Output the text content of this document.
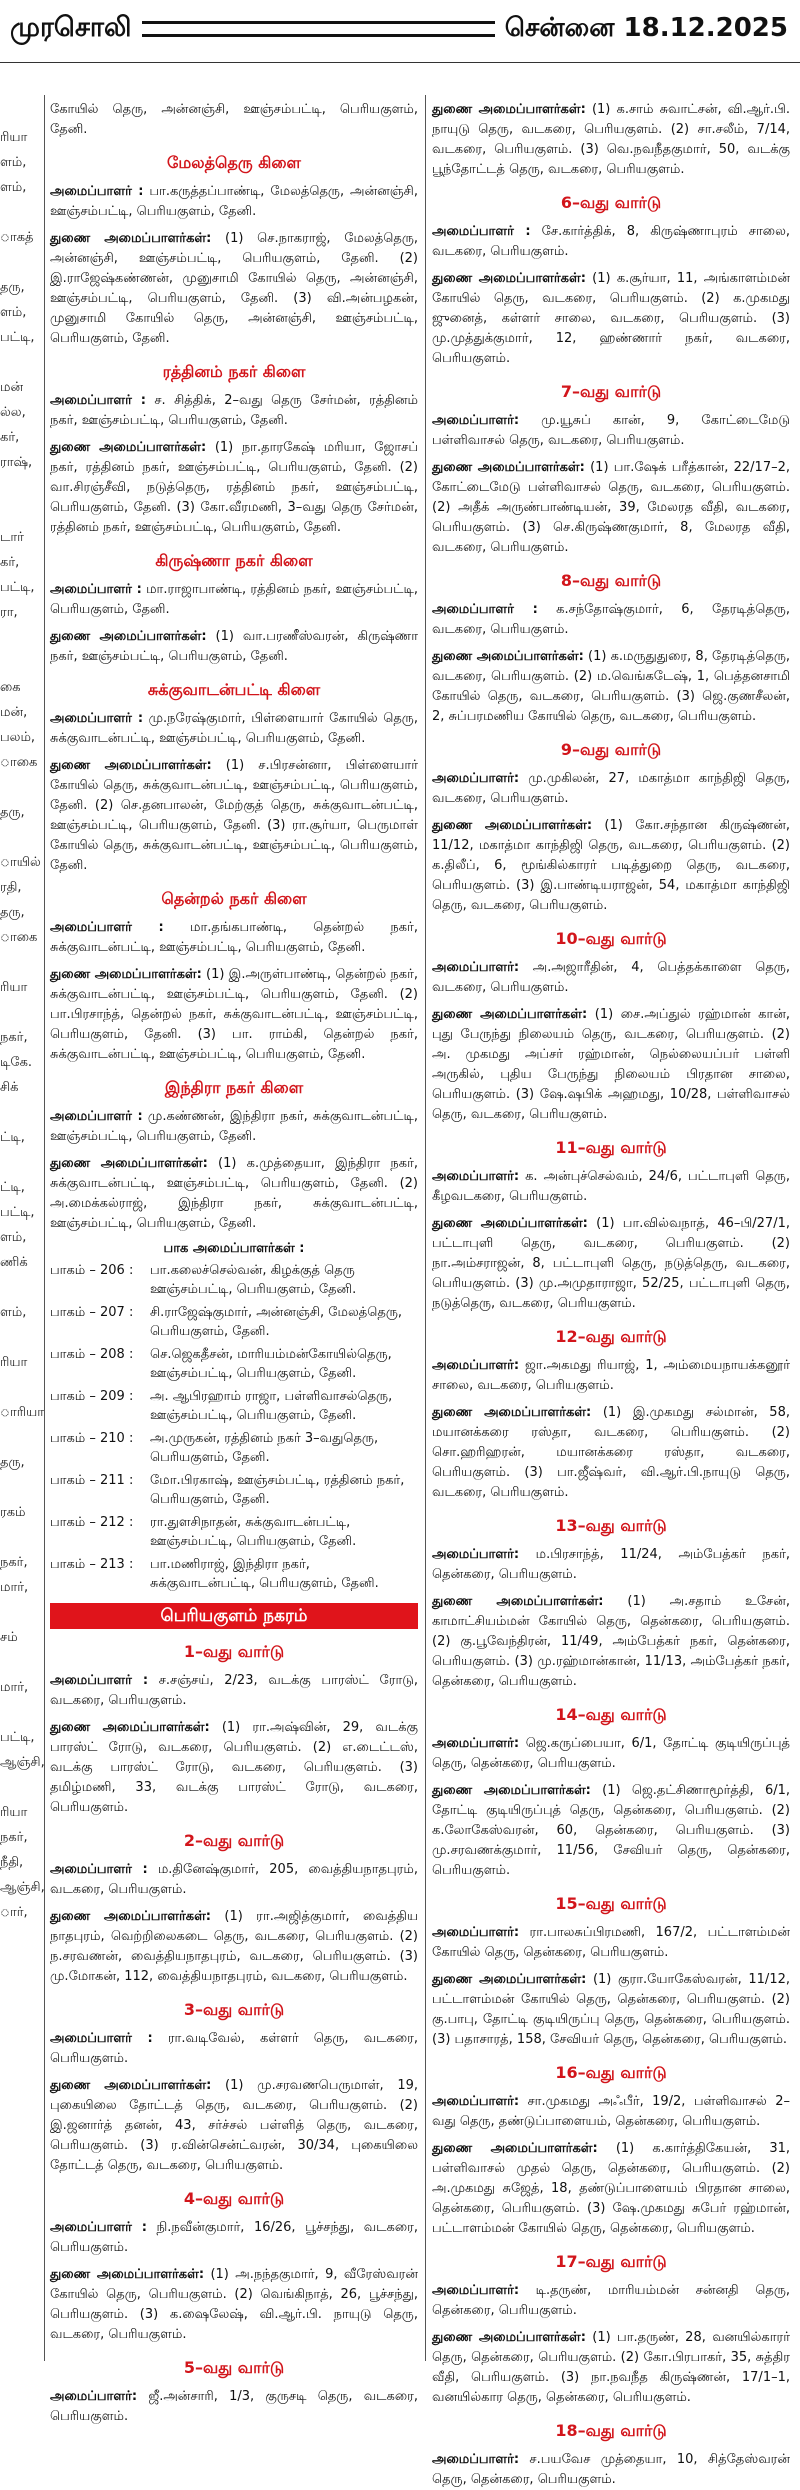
முரசொலி	சென்னை 18.12.2025

ரியா
ளம்,
ளம்,

ாகத்

தரு,
ளம்,
பட்டி,

மன்
ல்ல,
கர்,
ராஷ்,

டார்
கர்,
பட்டி,
ரா,

கை
மன்,
பலம்,
ாகை

தரு,

ாயில்
ரதி,
தரு,
ாகை

ரியா

நகர்,
டிகே.
சிக்

ட்டி,

ட்டி,
பட்டி,
ளம்,
ணிக்

ளம்,

ரியா

ாரியா

தரு,

ரகம்

நகர்,
மார்,

சம்

மார்,

பட்டி,
ஆஞ்சி,

ரியா
நகர்,
நீதி,
ஆஞ்சி,
ார்,

கோயில் தெரு, அன்னஞ்சி, ஊஞ்சம்பட்டி, பெரியகுளம், தேனி.

மேலத்தெரு கிளை

அமைப்பாளர் : பா.கருத்தப்பாண்டி, மேலத்தெரு, அன்னஞ்சி, ஊஞ்சம்பட்டி, பெரியகுளம், தேனி.

துணை அமைப்பாளர்கள்: (1) செ.நாகராஜ், மேலத்தெரு, அன்னஞ்சி, ஊஞ்சம்பட்டி, பெரியகுளம், தேனி. (2) இ.ராஜேஷ்கண்ணன், முனுசாமி கோயில் தெரு, அன்னஞ்சி, ஊஞ்சம்பட்டி, பெரியகுளம், தேனி. (3) வி.அன்பழகன், முனுசாமி கோயில் தெரு, அன்னஞ்சி, ஊஞ்சம்பட்டி, பெரியகுளம், தேனி.

ரத்தினம் நகர் கிளை

அமைப்பாளர் : ச. சித்திக், 2–வது தெரு சேர்மன், ரத்தினம் நகர், ஊஞ்சம்பட்டி, பெரியகுளம், தேனி.

துணை அமைப்பாளர்கள்: (1) நா.தாரகேஷ் மரியா, ஜோசப் நகர், ரத்தினம் நகர், ஊஞ்சம்பட்டி, பெரியகுளம், தேனி. (2) வா.சிரஞ்சீவி, நடுத்தெரு, ரத்தினம் நகர், ஊஞ்சம்பட்டி, பெரியகுளம், தேனி. (3) கோ.வீரமணி, 3–வது தெரு சேர்மன், ரத்தினம் நகர், ஊஞ்சம்பட்டி, பெரியகுளம், தேனி.

கிருஷ்ணா நகர் கிளை

அமைப்பாளர் : மா.ராஜாபாண்டி, ரத்தினம் நகர், ஊஞ்சம்பட்டி, பெரியகுளம், தேனி.

துணை அமைப்பாளர்கள்: (1) வா.பரணீஸ்வரன், கிருஷ்ணா நகர், ஊஞ்சம்பட்டி, பெரியகுளம், தேனி.

சுக்குவாடன்பட்டி கிளை

அமைப்பாளர் : மு.நரேஷ்குமார், பிள்ளையார் கோயில் தெரு, சுக்குவாடன்பட்டி, ஊஞ்சம்பட்டி, பெரியகுளம், தேனி.

துணை அமைப்பாளர்கள்: (1) ச.பிரசன்னா, பிள்ளையார் கோயில் தெரு, சுக்குவாடன்பட்டி, ஊஞ்சம்பட்டி, பெரியகுளம், தேனி. (2) செ.தனபாலன், மேற்குத் தெரு, சுக்குவாடன்பட்டி, ஊஞ்சம்பட்டி, பெரியகுளம், தேனி. (3) ரா.சூர்யா, பெருமாள் கோயில் தெரு, சுக்குவாடன்பட்டி, ஊஞ்சம்பட்டி, பெரியகுளம், தேனி.

தென்றல் நகர் கிளை

அமைப்பாளர் : மா.தங்கபாண்டி, தென்றல் நகர், சுக்குவாடன்பட்டி, ஊஞ்சம்பட்டி, பெரியகுளம், தேனி.

துணை அமைப்பாளர்கள்: (1) இ.அருள்பாண்டி, தென்றல் நகர், சுக்குவாடன்பட்டி, ஊஞ்சம்பட்டி, பெரியகுளம், தேனி. (2) பா.பிரசாந்த், தென்றல் நகர், சுக்குவாடன்பட்டி, ஊஞ்சம்பட்டி, பெரியகுளம், தேனி. (3) பா. ராம்கி, தென்றல் நகர், சுக்குவாடன்பட்டி, ஊஞ்சம்பட்டி, பெரியகுளம், தேனி.

இந்திரா நகர் கிளை

அமைப்பாளர் : மு.கண்ணன், இந்திரா நகர், சுக்குவாடன்பட்டி, ஊஞ்சம்பட்டி, பெரியகுளம், தேனி.

துணை அமைப்பாளர்கள்: (1) க.முத்தையா, இந்திரா நகர், சுக்குவாடன்பட்டி, ஊஞ்சம்பட்டி, பெரியகுளம், தேனி. (2) அ.மைக்கல்ராஜ், இந்திரா நகர், சுக்குவாடன்பட்டி, ஊஞ்சம்பட்டி, பெரியகுளம், தேனி.

பாக அமைப்பாளர்கள் :
பாகம் – 206 :	பா.கலைச்செல்வன், கிழக்குத் தெரு ஊஞ்சம்பட்டி, பெரியகுளம், தேனி.
பாகம் – 207 :	சி.ராஜேஷ்குமார், அன்னஞ்சி, மேலத்தெரு, பெரியகுளம், தேனி.
பாகம் – 208 :	செ.ஜெகதீசன், மாரியம்மன்கோயில்தெரு, ஊஞ்சம்பட்டி, பெரியகுளம், தேனி.
பாகம் – 209 :	அ. ஆபிரஹாம் ராஜா, பள்ளிவாசல்தெரு, ஊஞ்சம்பட்டி, பெரியகுளம், தேனி.
பாகம் – 210 :	அ.முருகன், ரத்தினம் நகர் 3–வதுதெரு, பெரியகுளம், தேனி.
பாகம் – 211 :	மோ.பிரகாஷ், ஊஞ்சம்பட்டி, ரத்தினம் நகர், பெரியகுளம், தேனி.
பாகம் – 212 :	ரா.துளசிநாதன், சுக்குவாடன்பட்டி, ஊஞ்சம்பட்டி, பெரியகுளம், தேனி.
பாகம் – 213 :	பா.மணிராஜ், இந்திரா நகர், சுக்குவாடன்பட்டி, பெரியகுளம், தேனி.
பெரியகுளம் நகரம்
1–வது வார்டு

அமைப்பாளர் : ச.சஞ்சய், 2/23, வடக்கு பாரஸ்ட் ரோடு, வடகரை, பெரியகுளம்.

துணை அமைப்பாளர்கள்: (1) ரா.அஷ்வின், 29, வடக்கு பாரஸ்ட் ரோடு, வடகரை, பெரியகுளம். (2) எ.டைட்டஸ், வடக்கு பாரஸ்ட் ரோடு, வடகரை, பெரியகுளம். (3) தமிழ்மணி, 33, வடக்கு பாரஸ்ட் ரோடு, வடகரை, பெரியகுளம்.

2–வது வார்டு

அமைப்பாளர் : ம.தினேஷ்குமார், 205, வைத்தியநாதபுரம், வடகரை, பெரியகுளம்.

துணை அமைப்பாளர்கள்: (1) ரா.அஜித்குமார், வைத்திய நாதபுரம், வெற்றிலைகடை தெரு, வடகரை, பெரியகுளம். (2) ந.சரவணன், வைத்தியநாதபுரம், வடகரை, பெரியகுளம். (3) மு.மோகன், 112, வைத்தியநாதபுரம், வடகரை, பெரியகுளம்.

3–வது வார்டு

அமைப்பாளர் : ரா.வடிவேல், கள்ளர் தெரு, வடகரை, பெரியகுளம்.

துணை அமைப்பாளர்கள்: (1) மு.சரவணபெருமாள், 19, புகையிலை தோட்டத் தெரு, வடகரை, பெரியகுளம். (2) இ.ஜனார்த் தனன், 43, சர்ச்சல் பள்ளித் தெரு, வடகரை, பெரியகுளம். (3) ர.வின்சென்ட்வரன், 30/34, புகையிலை தோட்டத் தெரு, வடகரை, பெரியகுளம்.

4–வது வார்டு

அமைப்பாளர் : நி.நவீன்குமார், 16/26, பூச்சந்து, வடகரை, பெரியகுளம்.

துணை அமைப்பாளர்கள்: (1) அ.நந்தகுமார், 9, வீரேஸ்வரன் கோயில் தெரு, பெரியகுளம். (2) வெங்கிநாத், 26, பூச்சந்து, பெரியகுளம். (3) க.ஷைலேஷ், வி.ஆர்.பி. நாயுடு தெரு, வடகரை, பெரியகுளம்.

5–வது வார்டு

அமைப்பாளர்: ஜீ.அன்சாரி, 1/3, குருசடி தெரு, வடகரை, பெரியகுளம்.

துணை அமைப்பாளர்கள்: (1) க.சாம் சுவாட்சன், வி.ஆர்.பி. நாயுடு தெரு, வடகரை, பெரியகுளம். (2) சா.சலீம், 7/14, வடகரை, பெரியகுளம். (3) வெ.நவநீதகுமார், 50, வடக்கு பூந்தோட்டத் தெரு, வடகரை, பெரியகுளம்.

6–வது வார்டு

அமைப்பாளர் : சே.கார்த்திக், 8, கிருஷ்ணாபுரம் சாலை, வடகரை, பெரியகுளம்.

துணை அமைப்பாளர்கள்: (1) க.சூர்யா, 11, அங்காளம்மன் கோயில் தெரு, வடகரை, பெரியகுளம். (2) க.முகமது ஜுனைத், கள்ளர் சாலை, வடகரை, பெரியகுளம். (3) மு.முத்துக்குமார், 12, ஹண்ணார் நகர், வடகரை, பெரியகுளம்.

7–வது வார்டு

அமைப்பாளர்: மு.யூசுப் கான், 9, கோட்டைமேடு பள்ளிவாசல் தெரு, வடகரை, பெரியகுளம்.

துணை அமைப்பாளர்கள்: (1) பா.ஷேக் பரீத்கான், 22/17–2, கோட்டைமேடு பள்ளிவாசல் தெரு, வடகரை, பெரியகுளம். (2) அதீக் அருண்பாண்டியன், 39, மேலரத வீதி, வடகரை, பெரியகுளம். (3) செ.கிருஷ்ணகுமார், 8, மேலரத வீதி, வடகரை, பெரியகுளம்.

8–வது வார்டு

அமைப்பாளர் : க.சந்தோஷ்குமார், 6, தேரடித்தெரு, வடகரை, பெரியகுளம்.

துணை அமைப்பாளர்கள்: (1) க.மருதுதுரை, 8, தேரடித்தெரு, வடகரை, பெரியகுளம். (2) ம.வெங்கடேஷ், 1, பெத்தனசாமி கோயில் தெரு, வடகரை, பெரியகுளம். (3) ஜெ.குணசீலன், 2, சுப்பரமணிய கோயில் தெரு, வடகரை, பெரியகுளம்.

9–வது வார்டு

அமைப்பாளர்: மு.முகிலன், 27, மகாத்மா காந்திஜி தெரு, வடகரை, பெரியகுளம்.

துணை அமைப்பாளர்கள்: (1) கோ.சந்தான கிருஷ்ணன், 11/12, மகாத்மா காந்திஜி தெரு, வடகரை, பெரியகுளம். (2) க.திலீப், 6, மூங்கில்காரர் படித்துறை தெரு, வடகரை, பெரியகுளம். (3) இ.பாண்டியராஜன், 54, மகாத்மா காந்திஜி தெரு, வடகரை, பெரியகுளம்.

10–வது வார்டு

அமைப்பாளர்: அ.அஜாரீதின், 4, பெத்தக்காளை தெரு, வடகரை, பெரியகுளம்.

துணை அமைப்பாளர்கள்: (1) சை.அப்துல் ரஹ்மான் கான், புது பேருந்து நிலையம் தெரு, வடகரை, பெரியகுளம். (2) அ. முகமது அப்சர் ரஹ்மான், நெல்லையப்பர் பள்ளி அருகில், புதிய பேருந்து நிலையம் பிரதான சாலை, பெரியகுளம். (3) ஷே.ஷபிக் அஹமது, 10/28, பள்ளிவாசல் தெரு, வடகரை, பெரியகுளம்.

11–வது வார்டு

அமைப்பாளர்: க. அன்புச்செல்வம், 24/6, பட்டாபுளி தெரு, கீழவடகரை, பெரியகுளம்.

துணை அமைப்பாளர்கள்: (1) பா.வில்வநாத், 46–பி/27/1, பட்டாபுளி தெரு, வடகரை, பெரியகுளம். (2) நா.அம்சராஜன், 8, பட்டாபுளி தெரு, நடுத்தெரு, வடகரை, பெரியகுளம். (3) மு.அமுதாராஜா, 52/25, பட்டாபுளி தெரு, நடுத்தெரு, வடகரை, பெரியகுளம்.

12–வது வார்டு

அமைப்பாளர்: ஜா.அகமது ரியாஜ், 1, அம்மையநாயக்கனூர் சாலை, வடகரை, பெரியகுளம்.

துணை அமைப்பாளர்கள்: (1) இ.முகமது சல்மான், 58, மயானக்கரை ரஸ்தா, வடகரை, பெரியகுளம். (2) சொ.ஹரிஹரன், மயானக்கரை ரஸ்தா, வடகரை, பெரியகுளம். (3) பா.ஜீஷ்வர், வி.ஆர்.பி.நாயுடு தெரு, வடகரை, பெரியகுளம்.

13–வது வார்டு

அமைப்பாளர்: ம.பிரசாந்த், 11/24, அம்பேத்கர் நகர், தென்கரை, பெரியகுளம்.

துணை அமைப்பாளர்கள்: (1) அ.சதாம் உசேன், காமாட்சியம்மன் கோயில் தெரு, தென்கரை, பெரியகுளம். (2) கு.பூவேந்திரன், 11/49, அம்பேத்கர் நகர், தென்கரை, பெரியகுளம். (3) மு.ரஹ்மான்கான், 11/13, அம்பேத்கர் நகர், தென்கரை, பெரியகுளம்.

14–வது வார்டு

அமைப்பாளர்: ஜெ.கருப்பையா, 6/1, தோட்டி குடியிருப்புத் தெரு, தென்கரை, பெரியகுளம்.

துணை அமைப்பாளர்கள்: (1) ஜெ.தட்சிணாமூர்த்தி, 6/1, தோட்டி குடியிருப்புத் தெரு, தென்கரை, பெரியகுளம். (2) க.லோகேஸ்வரன், 60, தென்கரை, பெரியகுளம். (3) மு.சரவணக்குமார், 11/56, சேவியர் தெரு, தென்கரை, பெரியகுளம்.

15–வது வார்டு

அமைப்பாளர்: ரா.பாலசுப்பிரமணி, 167/2, பட்டாளம்மன் கோயில் தெரு, தென்கரை, பெரியகுளம்.

துணை அமைப்பாளர்கள்: (1) குரா.யோகேஸ்வரன், 11/12, பட்டாளம்மன் கோயில் தெரு, தென்கரை, பெரியகுளம். (2) கு.பாபு, தோட்டி குடியிருப்பு தெரு, தென்கரை, பெரியகுளம். (3) பதாசாரத், 158, சேவியர் தெரு, தென்கரை, பெரியகுளம்.

16–வது வார்டு

அமைப்பாளர்: சா.முகமது அஃபீர், 19/2, பள்ளிவாசல் 2–வது தெரு, தண்டுப்பாளையம், தென்கரை, பெரியகுளம்.

துணை அமைப்பாளர்கள்: (1) க.கார்த்திகேயன், 31, பள்ளிவாசல் முதல் தெரு, தென்கரை, பெரியகுளம். (2) அ.முகமது சுஜேத், 18, தண்டுப்பாளையம் பிரதான சாலை, தென்கரை, பெரியகுளம். (3) ஷே.முகமது சுபேர் ரஹ்மான், பட்டாளம்மன் கோயில் தெரு, தென்கரை, பெரியகுளம்.

17–வது வார்டு

அமைப்பாளர்: டி.தருண், மாரியம்மன் சன்னதி தெரு, தென்கரை, பெரியகுளம்.

துணை அமைப்பாளர்கள்: (1) பா.தருண், 28, வனயில்காரர் தெரு, தென்கரை, பெரியகுளம். (2) கோ.பிரபாகர், 35, சுத்திர வீதி, பெரியகுளம். (3) நா.நவநீத கிருஷ்ணன், 17/1–1, வனயில்கார தெரு, தென்கரை, பெரியகுளம்.

18–வது வார்டு

அமைப்பாளர்: ச.பயவேச முத்தையா, 10, சித்தேஸ்வரன் தெரு, தென்கரை, பெரியகுளம்.
